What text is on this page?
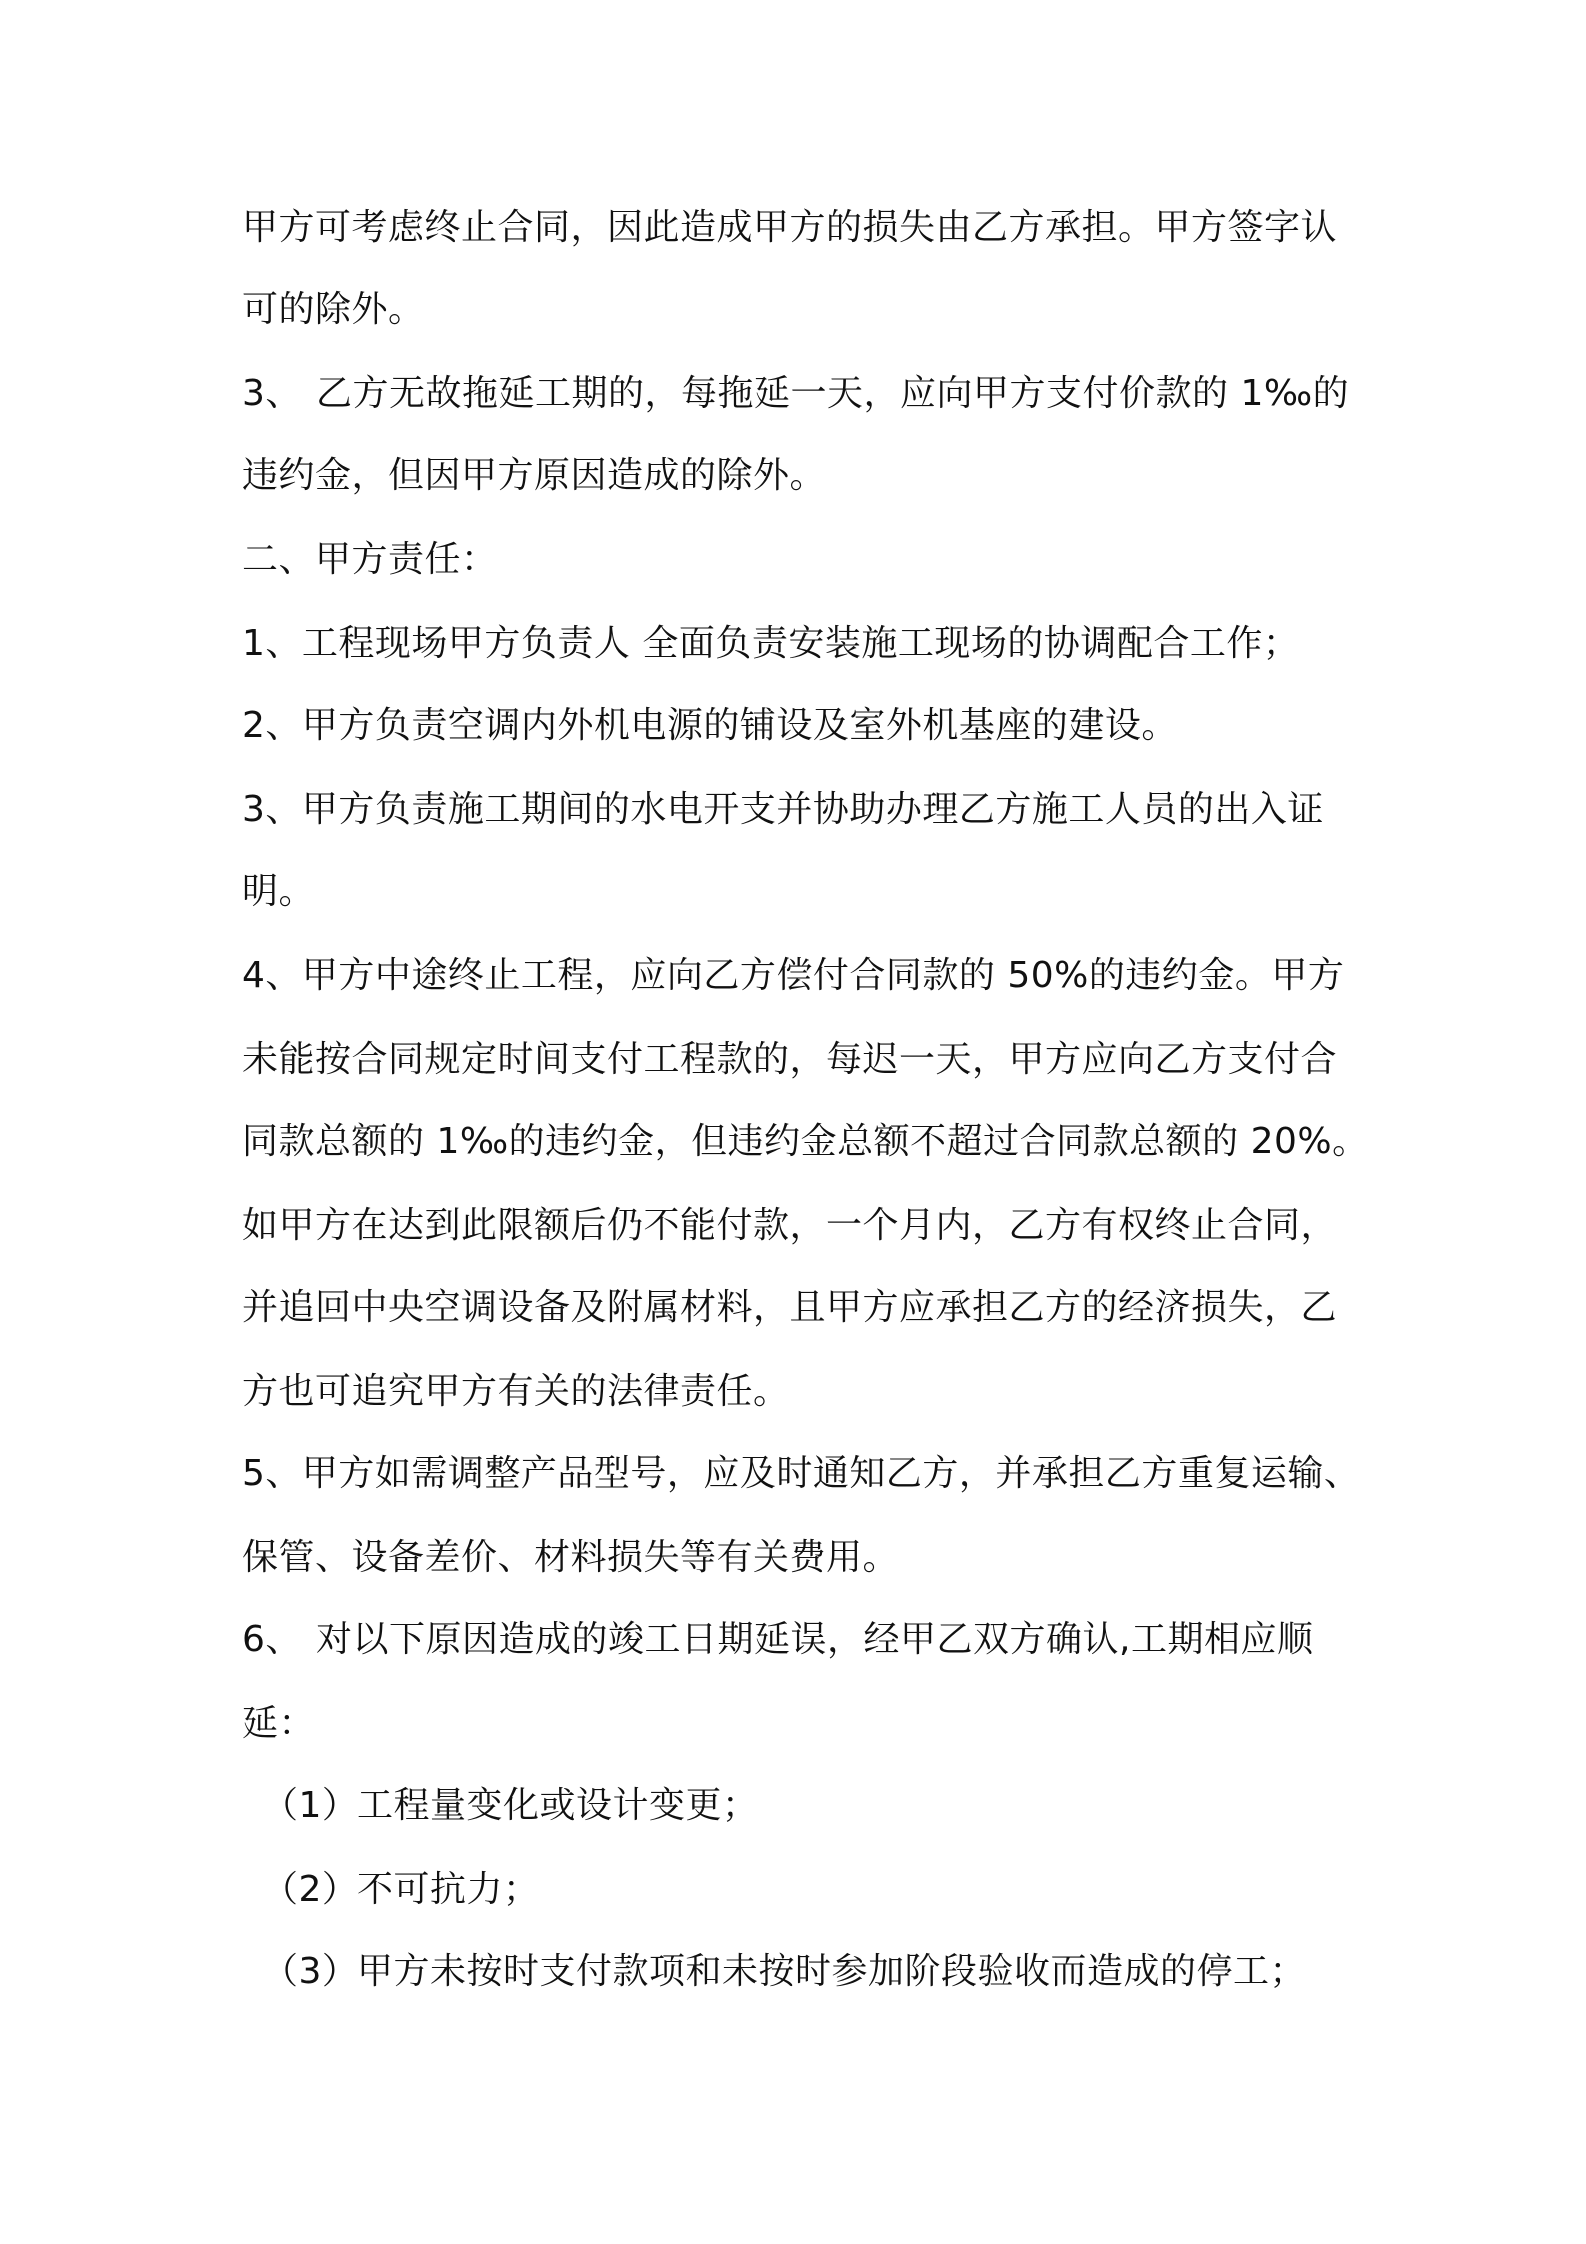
甲方可考虑终止合同，因此造成甲方的损失由乙方承担。甲方签字认

可的除外。

3、 乙方无故拖延工期的，每拖延一天，应向甲方支付价款的 1‰的

违约金，但因甲方原因造成的除外。

二、甲方责任：

1、工程现场甲方负责人 全面负责安装施工现场的协调配合工作；

2、甲方负责空调内外机电源的铺设及室外机基座的建设。

3、甲方负责施工期间的水电开支并协助办理乙方施工人员的出入证

明。

4、甲方中途终止工程，应向乙方偿付合同款的 50%的违约金。甲方

未能按合同规定时间支付工程款的，每迟一天，甲方应向乙方支付合

同款总额的 1‰的违约金，但违约金总额不超过合同款总额的 20%。

如甲方在达到此限额后仍不能付款，一个月内，乙方有权终止合同，

并追回中央空调设备及附属材料，且甲方应承担乙方的经济损失，乙

方也可追究甲方有关的法律责任。

5、甲方如需调整产品型号，应及时通知乙方，并承担乙方重复运输、

保管、设备差价、材料损失等有关费用。

6、 对以下原因造成的竣工日期延误，经甲乙双方确认,工期相应顺

延：

（1）工程量变化或设计变更；

（2）不可抗力；

（3）甲方未按时支付款项和未按时参加阶段验收而造成的停工；
